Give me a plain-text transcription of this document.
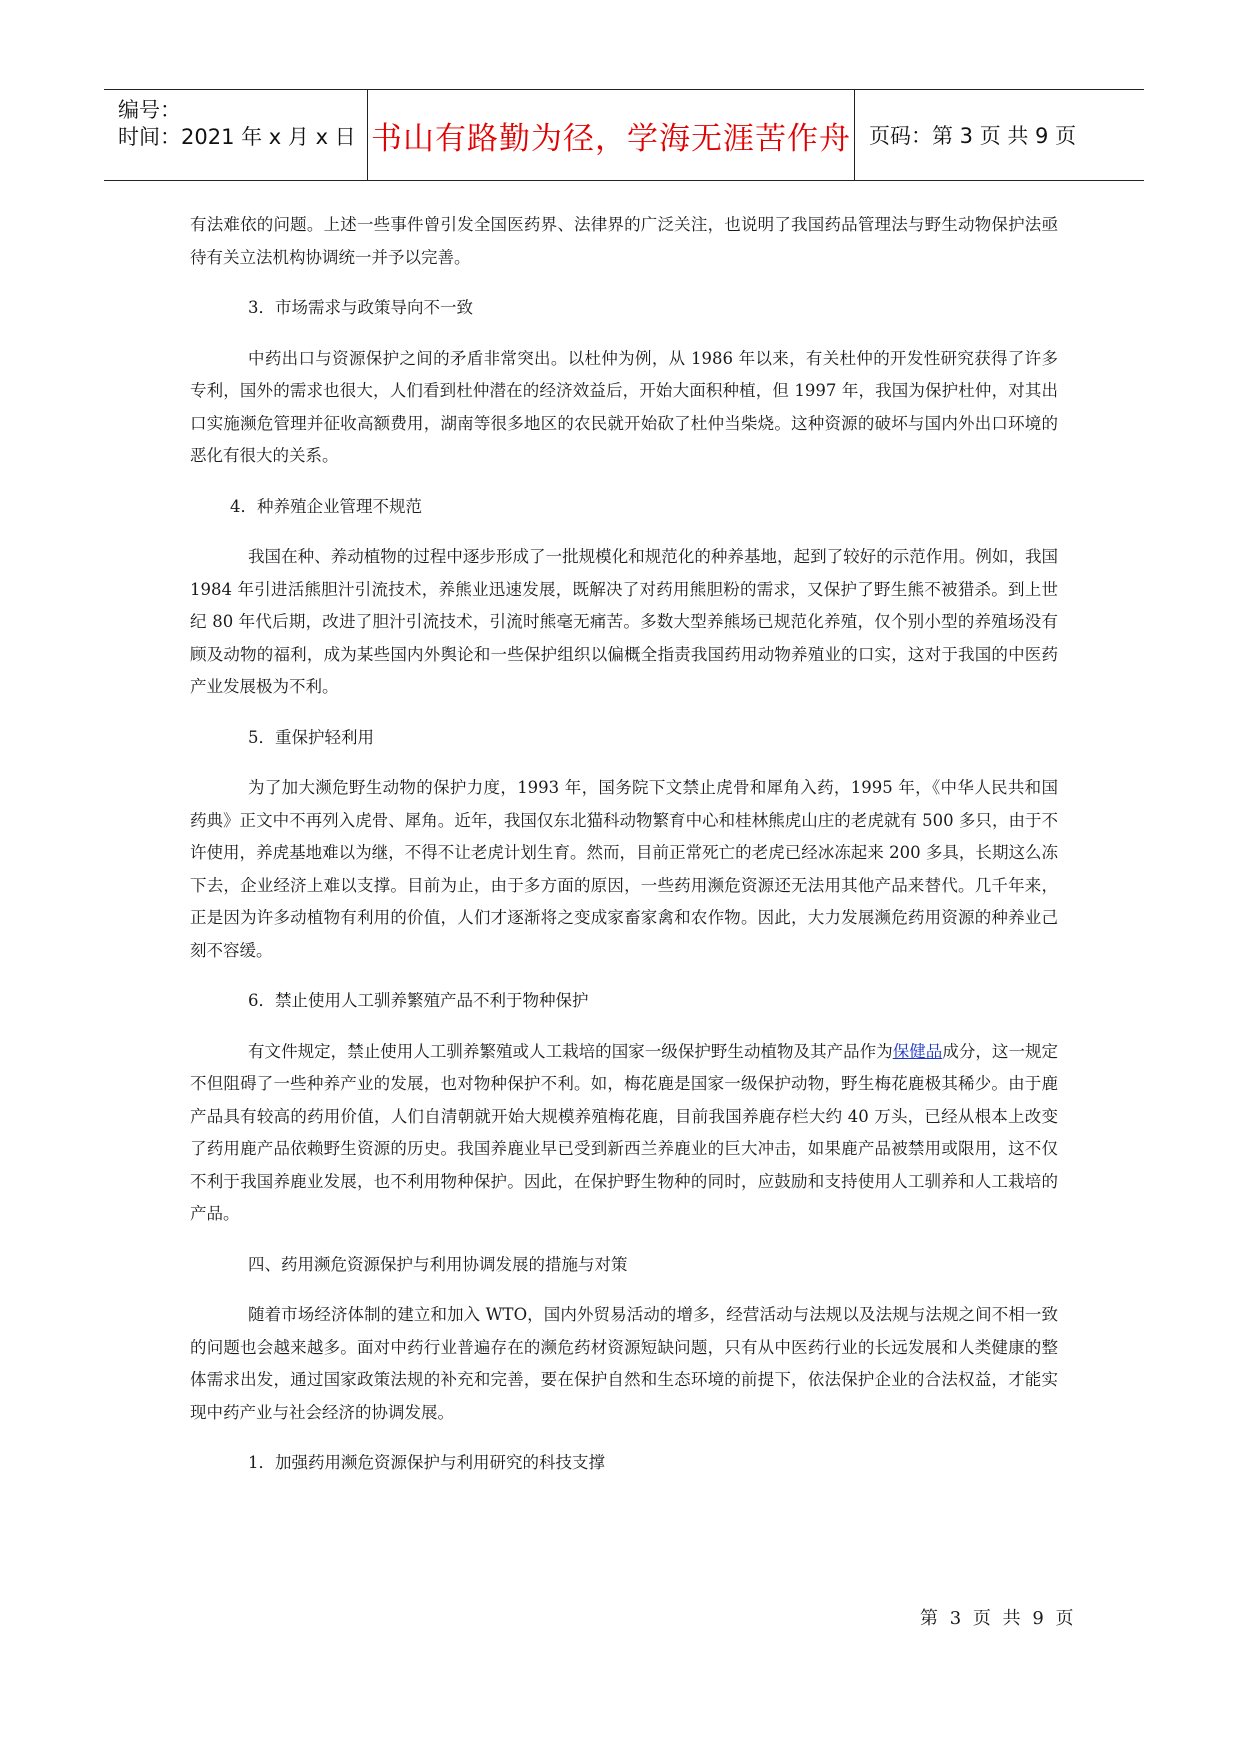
编号：
时间：2021 年 x 月 x 日 书山有路勤为径，学海无涯苦作舟 页码：第 3 页 共 9 页

有法难依的问题。上述一些事件曾引发全国医药界、法律界的广泛关注，也说明了我国药品管理法与野生动物保护法亟待有关立法机构协调统一并予以完善。

3．市场需求与政策导向不一致

中药出口与资源保护之间的矛盾非常突出。以杜仲为例，从 1986 年以来，有关杜仲的开发性研究获得了许多专利，国外的需求也很大，人们看到杜仲潜在的经济效益后，开始大面积种植，但 1997 年，我国为保护杜仲，对其出口实施濒危管理并征收高额费用，湖南等很多地区的农民就开始砍了杜仲当柴烧。这种资源的破坏与国内外出口环境的恶化有很大的关系。

4．种养殖企业管理不规范

我国在种、养动植物的过程中逐步形成了一批规模化和规范化的种养基地，起到了较好的示范作用。例如，我国 1984 年引进活熊胆汁引流技术，养熊业迅速发展，既解决了对药用熊胆粉的需求，又保护了野生熊不被猎杀。到上世纪 80 年代后期，改进了胆汁引流技术，引流时熊毫无痛苦。多数大型养熊场已规范化养殖，仅个别小型的养殖场没有顾及动物的福利，成为某些国内外舆论和一些保护组织以偏概全指责我国药用动物养殖业的口实，这对于我国的中医药产业发展极为不利。

5．重保护轻利用

为了加大濒危野生动物的保护力度，1993 年，国务院下文禁止虎骨和犀角入药，1995 年，《中华人民共和国药典》正文中不再列入虎骨、犀角。近年，我国仅东北猫科动物繁育中心和桂林熊虎山庄的老虎就有 500 多只，由于不许使用，养虎基地难以为继，不得不让老虎计划生育。然而，目前正常死亡的老虎已经冰冻起来 200 多具，长期这么冻下去，企业经济上难以支撑。目前为止，由于多方面的原因，一些药用濒危资源还无法用其他产品来替代。几千年来，正是因为许多动植物有利用的价值，人们才逐渐将之变成家畜家禽和农作物。因此，大力发展濒危药用资源的种养业己刻不容缓。

6．禁止使用人工驯养繁殖产品不利于物种保护

有文件规定，禁止使用人工驯养繁殖或人工栽培的国家一级保护野生动植物及其产品作为保健品成分，这一规定不但阻碍了一些种养产业的发展，也对物种保护不利。如，梅花鹿是国家一级保护动物，野生梅花鹿极其稀少。由于鹿产品具有较高的药用价值，人们自清朝就开始大规模养殖梅花鹿，目前我国养鹿存栏大约 40 万头，已经从根本上改变了药用鹿产品依赖野生资源的历史。我国养鹿业早已受到新西兰养鹿业的巨大冲击，如果鹿产品被禁用或限用，这不仅不利于我国养鹿业发展，也不利用物种保护。因此，在保护野生物种的同时，应鼓励和支持使用人工驯养和人工栽培的产品。

四、药用濒危资源保护与利用协调发展的措施与对策

随着市场经济体制的建立和加入 WTO，国内外贸易活动的增多，经营活动与法规以及法规与法规之间不相一致的问题也会越来越多。面对中药行业普遍存在的濒危药材资源短缺问题，只有从中医药行业的长远发展和人类健康的整体需求出发，通过国家政策法规的补充和完善，要在保护自然和生态环境的前提下，依法保护企业的合法权益，才能实现中药产业与社会经济的协调发展。

1．加强药用濒危资源保护与利用研究的科技支撑

第 3 页 共 9 页
